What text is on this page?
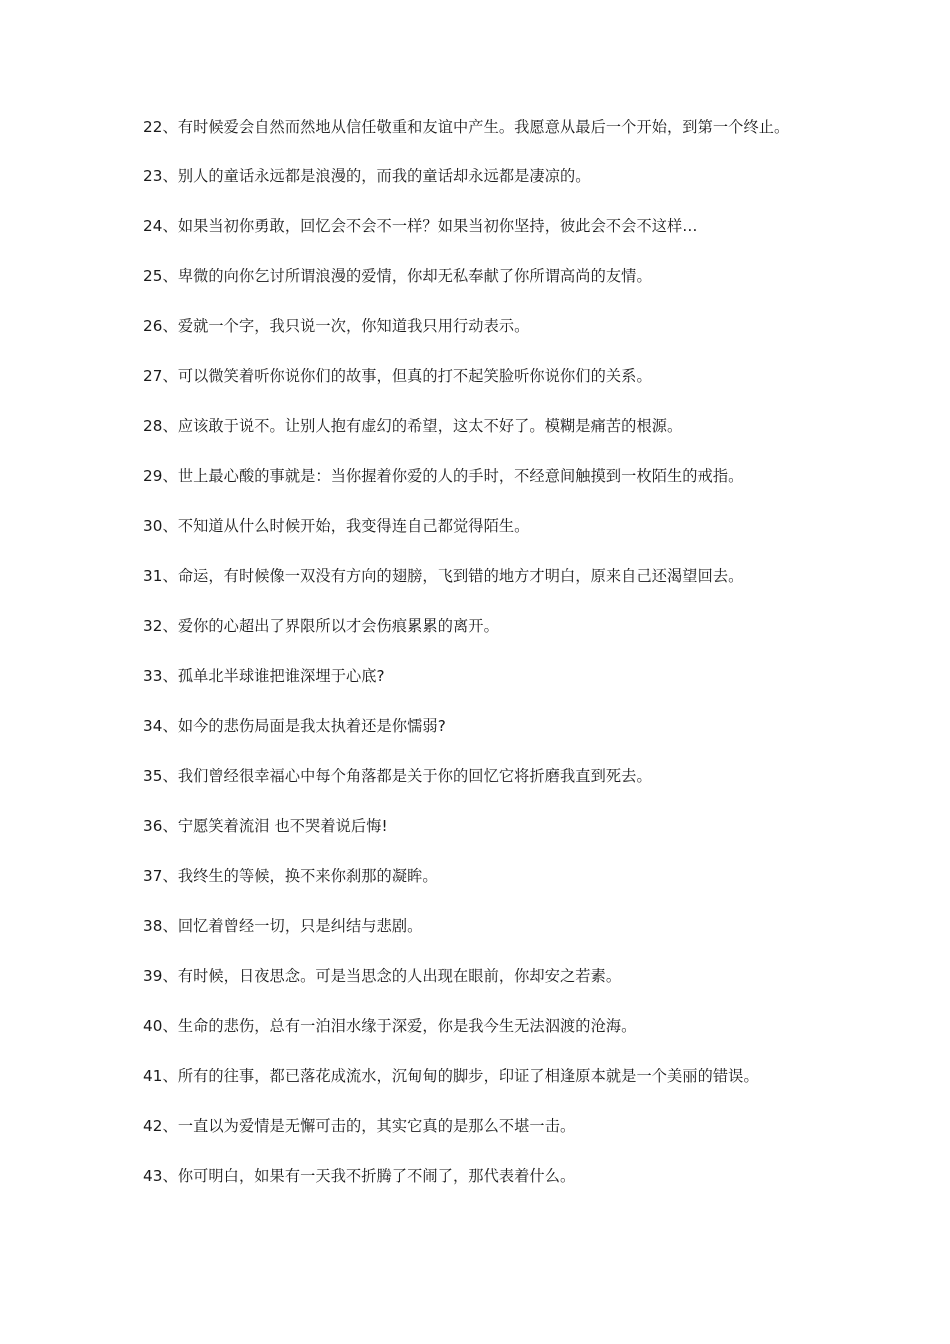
22、有时候爱会自然而然地从信任敬重和友谊中产生。我愿意从最后一个开始，到第一个终止。

23、别人的童话永远都是浪漫的，而我的童话却永远都是凄凉的。

24、如果当初你勇敢，回忆会不会不一样？如果当初你坚持，彼此会不会不这样…

25、卑微的向你乞讨所谓浪漫的爱情，你却无私奉献了你所谓高尚的友情。

26、爱就一个字，我只说一次，你知道我只用行动表示。

27、可以微笑着听你说你们的故事，但真的打不起笑脸听你说你们的关系。

28、应该敢于说不。让别人抱有虚幻的希望，这太不好了。模糊是痛苦的根源。

29、世上最心酸的事就是：当你握着你爱的人的手时，不经意间触摸到一枚陌生的戒指。

30、不知道从什么时候开始，我变得连自己都觉得陌生。

31、命运，有时候像一双没有方向的翅膀，飞到错的地方才明白，原来自己还渴望回去。

32、爱你的心超出了界限所以才会伤痕累累的离开。

33、孤单北半球谁把谁深埋于心底?

34、如今的悲伤局面是我太执着还是你懦弱?

35、我们曾经很幸福心中每个角落都是关于你的回忆它将折磨我直到死去。

36、宁愿笑着流泪 也不哭着说后悔!

37、我终生的等候，换不来你刹那的凝眸。

38、回忆着曾经一切，只是纠结与悲剧。

39、有时候，日夜思念。可是当思念的人出现在眼前，你却安之若素。

40、生命的悲伤，总有一泊泪水缘于深爱，你是我今生无法泅渡的沧海。

41、所有的往事，都已落花成流水，沉甸甸的脚步，印证了相逢原本就是一个美丽的错误。

42、一直以为爱情是无懈可击的，其实它真的是那么不堪一击。

43、你可明白，如果有一天我不折腾了不闹了，那代表着什么。
